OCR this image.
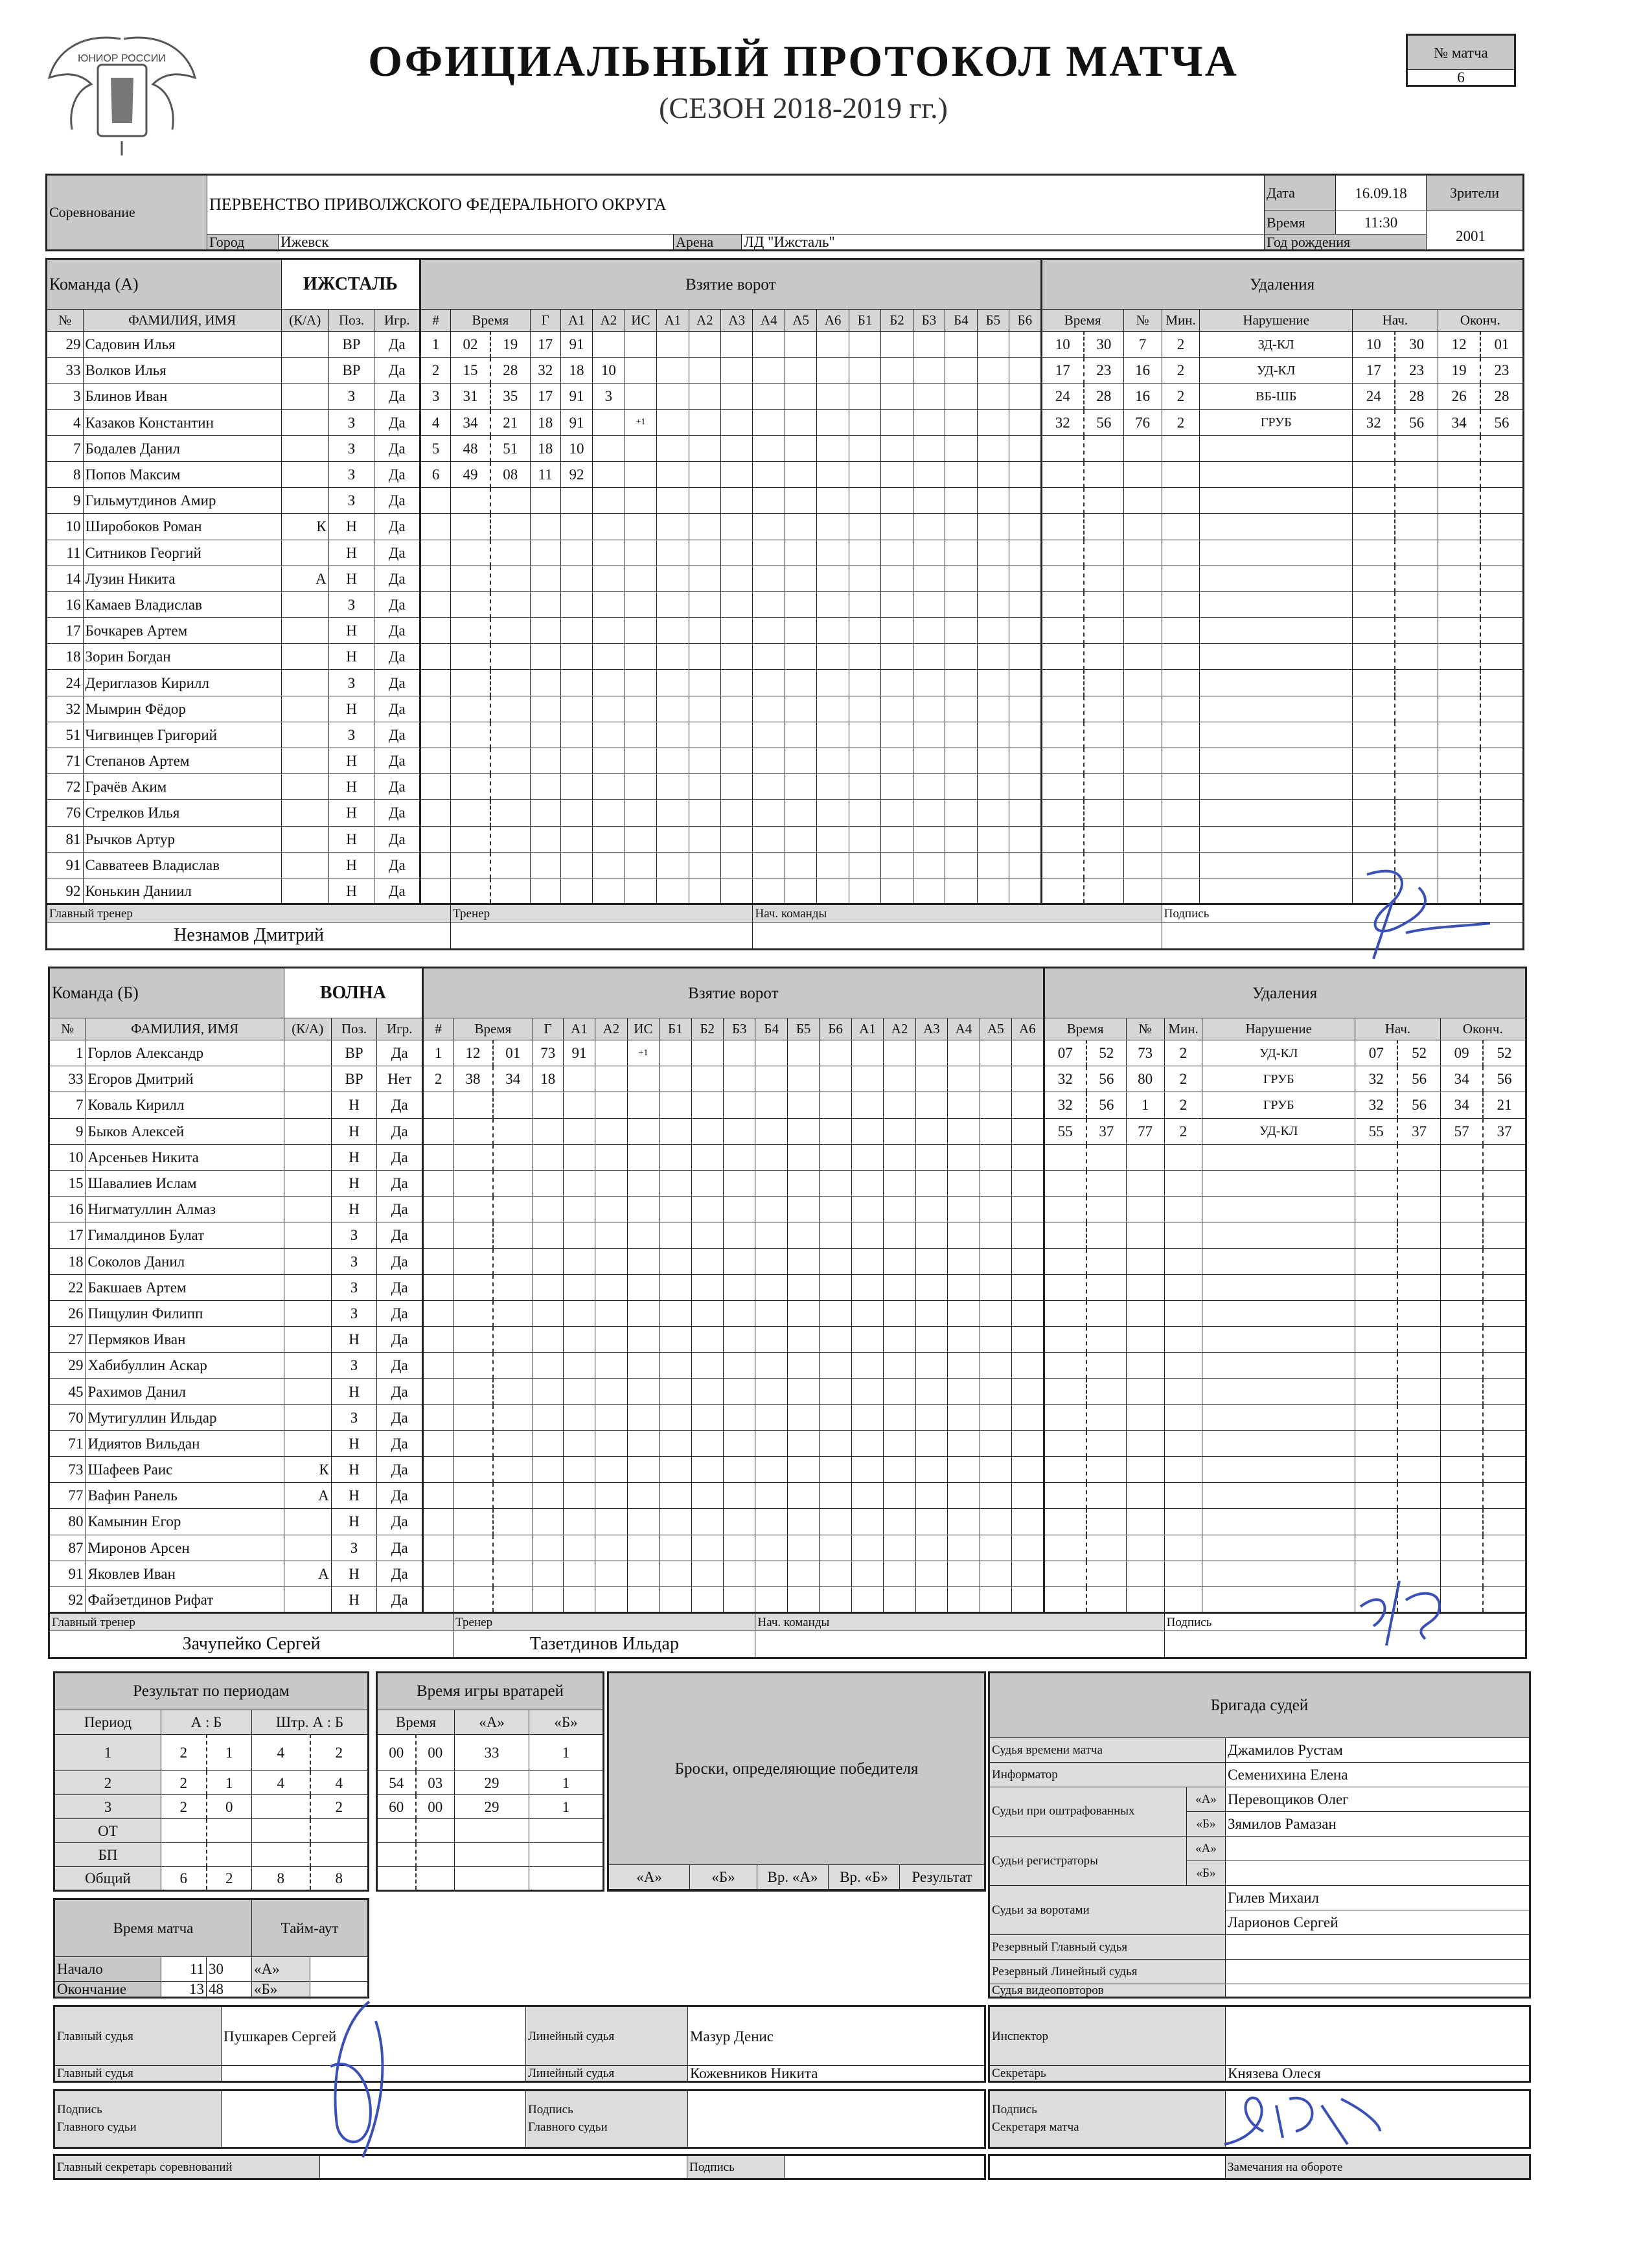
ЮНИОР РОССИИ	ОФИЦИАЛЬНЫЙ ПРОТОКОЛ МАТЧА
(СЕЗОН 2018-2019 гг.)
№ матча
6
Соревнование	ПЕРВЕНСТВО ПРИВОЛЖСКОГО ФЕДЕРАЛЬНОГО ОКРУГА				Дата	16.09.18	Зрители
					Время	11:30	
	Город	Ижевск	Арена	ЛД "Ижсталь"	Год рождения			2001
Команда (А)		ИЖСТАЛЬ			Взятие ворот																			Удаления								
№	ФАМИЛИЯ, ИМЯ	(К/А)	Поз.	Игр.	#	Время		Г	А1	А2	ИС	А1	А2	А3	А4	А5	А6	Б1	Б2	Б3	Б4	Б5	Б6	Время		№	Мин.	Нарушение	Нач.		Оконч.	
29	Садовин Илья		ВР	Да	1	02	19	17	91															10	30	7	2	ЗД-КЛ	10	30	12	01
33	Волков Илья		ВР	Да	2	15	28	32	18	10														17	23	16	2	УД-КЛ	17	23	19	23
3	Блинов Иван		З	Да	3	31	35	17	91	3														24	28	16	2	ВБ-ШБ	24	28	26	28
4	Казаков Константин		З	Да	4	34	21	18	91		+1													32	56	76	2	ГРУБ	32	56	34	56
7	Бодалев Данил		З	Да	5	48	51	18	10																							
8	Попов Максим		З	Да	6	49	08	11	92																							
9	Гильмутдинов Амир		З	Да																												
10	Широбоков Роман	К	Н	Да																												
11	Ситников Георгий		Н	Да																												
14	Лузин Никита	А	Н	Да																												
16	Камаев Владислав		З	Да																												
17	Бочкарев Артем		Н	Да																												
18	Зорин Богдан		Н	Да																												
24	Дериглазов Кирилл		З	Да																												
32	Мымрин Фёдор		Н	Да																												
51	Чигвинцев Григорий		З	Да																												
71	Степанов Артем		Н	Да																												
72	Грачёв Аким		Н	Да																												
76	Стрелков Илья		Н	Да																												
81	Рычков Артур		Н	Да																												
91	Савватеев Владислав		Н	Да																												
92	Конькин Даниил		Н	Да																												
Главный тренер						Тренер									Нач. команды												Подпись					
Незнамов Дмитрий																																
Команда (Б)		ВОЛНА			Взятие ворот																			Удаления								
№	ФАМИЛИЯ, ИМЯ	(К/А)	Поз.	Игр.	#	Время		Г	А1	А2	ИС	Б1	Б2	Б3	Б4	Б5	Б6	А1	А2	А3	А4	А5	А6	Время		№	Мин.	Нарушение	Нач.		Оконч.	
1	Горлов Александр		ВР	Да	1	12	01	73	91		+1													07	52	73	2	УД-КЛ	07	52	09	52
33	Егоров Дмитрий		ВР	Нет	2	38	34	18																32	56	80	2	ГРУБ	32	56	34	56
7	Коваль Кирилл		Н	Да																				32	56	1	2	ГРУБ	32	56	34	21
9	Быков Алексей		Н	Да																				55	37	77	2	УД-КЛ	55	37	57	37
10	Арсеньев Никита		Н	Да																												
15	Шавалиев Ислам		Н	Да																												
16	Нигматуллин Алмаз		Н	Да																												
17	Гималдинов Булат		З	Да																												
18	Соколов Данил		З	Да																												
22	Бакшаев Артем		З	Да																												
26	Пищулин Филипп		З	Да																												
27	Пермяков Иван		Н	Да																												
29	Хабибуллин Аскар		З	Да																												
45	Рахимов Данил		Н	Да																												
70	Мутигуллин Ильдар		З	Да																												
71	Идиятов Вильдан		Н	Да																												
73	Шафеев Раис	К	Н	Да																												
77	Вафин Ранель	А	Н	Да																												
80	Камынин Егор		Н	Да																												
87	Миронов Арсен		З	Да																												
91	Яковлев Иван	А	Н	Да																												
92	Файзетдинов Рифат		Н	Да																												
Главный тренер						Тренер									Нач. команды												Подпись					
Зачупейко Сергей						Тазетдинов Ильдар																										
Результат по периодам				
Период	А : Б		Штр. А : Б	
1	2	1	4	2
2	2	1	4	4
3	2	0		2
ОТ				
БП				
Общий	6	2	8	8
Время игры вратарей			
Время		«А»	«Б»
00	00	33	1
54	03	29	1
60	00	29	1

Броски, определяющие победителя				
«А»	«Б»	Вр. «А»	Вр. «Б»	Результат

Время матча			Тайм-аут	
Начало	11	30	«А»	
Окончание	13	48	«Б»	
Бригада судей		
Судья времени матча		Джамилов Рустам
Информатор		Семенихина Елена
Судьи при оштрафованных	«А»	Перевощиков Олег
	«Б»	Зямилов Рамазан
Судьи регистраторы	«А»	
	«Б»	
Судьи за воротами		Гилев Михаил
		Ларионов Сергей
Резервный Главный судья		
Резервный Линейный судья		
Судья видеоповторов		
Главный судья	Пушкарев Сергей	Линейный судья	Мазур Денис
Главный судья		Линейный судья	Кожевников Никита
Инспектор	
Секретарь	Князева Олеся
Подпись
Главного судьи		Подпись
Главного судьи	
Подпись
Секретаря матча	
Главный секретарь соревнований		Подпись	
		Замечания на обороте
